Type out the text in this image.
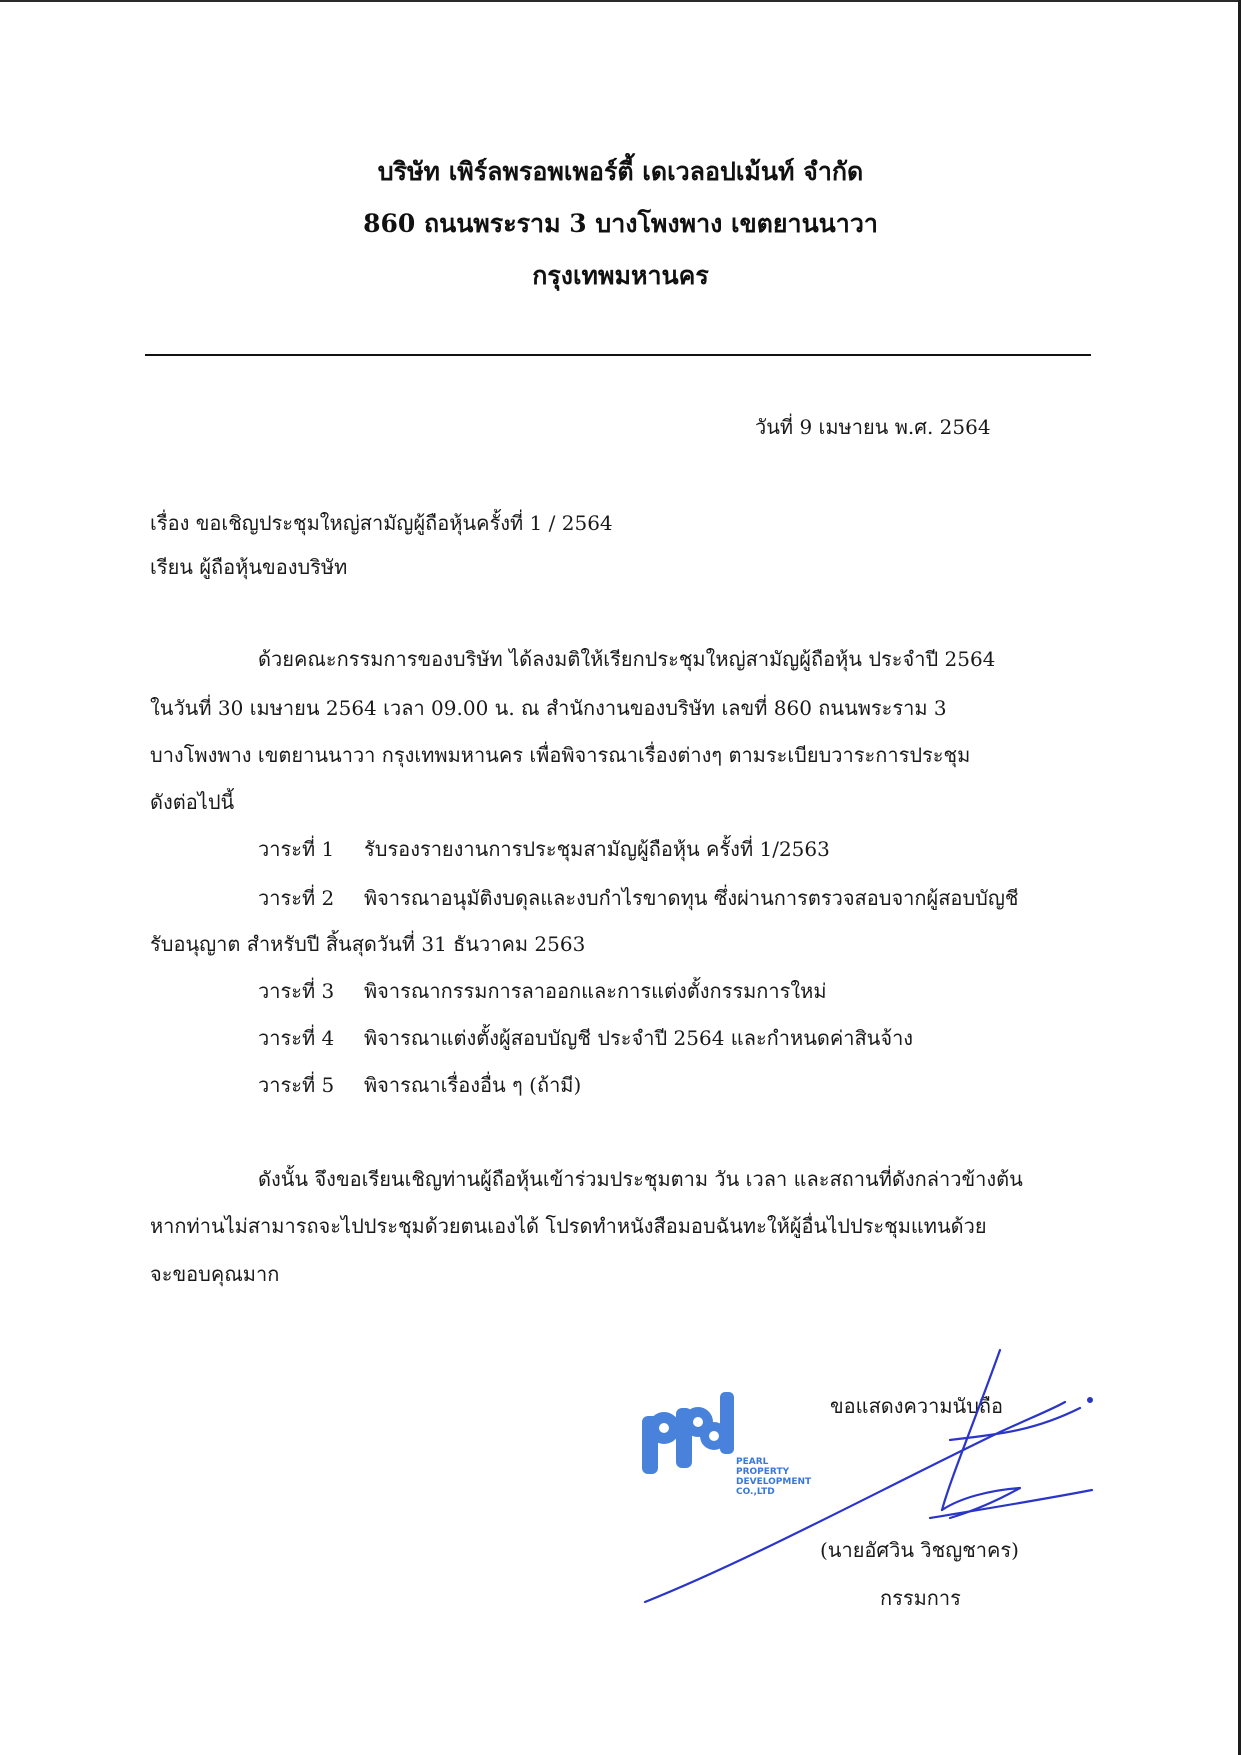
บริษัท เพิร์ลพรอพเพอร์ตี้ เดเวลอปเม้นท์ จำกัด
860 ถนนพระราม 3 บางโพงพาง เขตยานนาวา
กรุงเทพมหานคร
วันที่ 9 เมษายน พ.ศ. 2564
เรื่อง ขอเชิญประชุมใหญ่สามัญผู้ถือหุ้นครั้งที่ 1 / 2564
เรียน ผู้ถือหุ้นของบริษัท
ด้วยคณะกรรมการของบริษัท ได้ลงมติให้เรียกประชุมใหญ่สามัญผู้ถือหุ้น ประจำปี 2564
ในวันที่ 30 เมษายน 2564 เวลา 09.00 น. ณ สำนักงานของบริษัท เลขที่ 860 ถนนพระราม 3
บางโพงพาง เขตยานนาวา กรุงเทพมหานคร เพื่อพิจารณาเรื่องต่างๆ ตามระเบียบวาระการประชุม
ดังต่อไปนี้
วาระที่ 1 รับรองรายงานการประชุมสามัญผู้ถือหุ้น ครั้งที่ 1/2563
วาระที่ 2 พิจารณาอนุมัติงบดุลและงบกำไรขาดทุน ซึ่งผ่านการตรวจสอบจากผู้สอบบัญชี
รับอนุญาต สำหรับปี สิ้นสุดวันที่ 31 ธันวาคม 2563
วาระที่ 3 พิจารณากรรมการลาออกและการแต่งตั้งกรรมการใหม่
วาระที่ 4 พิจารณาแต่งตั้งผู้สอบบัญชี ประจำปี 2564 และกำหนดค่าสินจ้าง
วาระที่ 5 พิจารณาเรื่องอื่น ๆ (ถ้ามี)
ดังนั้น จึงขอเรียนเชิญท่านผู้ถือหุ้นเข้าร่วมประชุมตาม วัน เวลา และสถานที่ดังกล่าวข้างต้น
หากท่านไม่สามารถจะไปประชุมด้วยตนเองได้ โปรดทำหนังสือมอบฉันทะให้ผู้อื่นไปประชุมแทนด้วย
จะขอบคุณมาก
PEARL
PROPERTY
DEVELOPMENT
CO.,LTD
ขอแสดงความนับถือ
(นายอัศวิน วิชญชาคร)
กรรมการ
